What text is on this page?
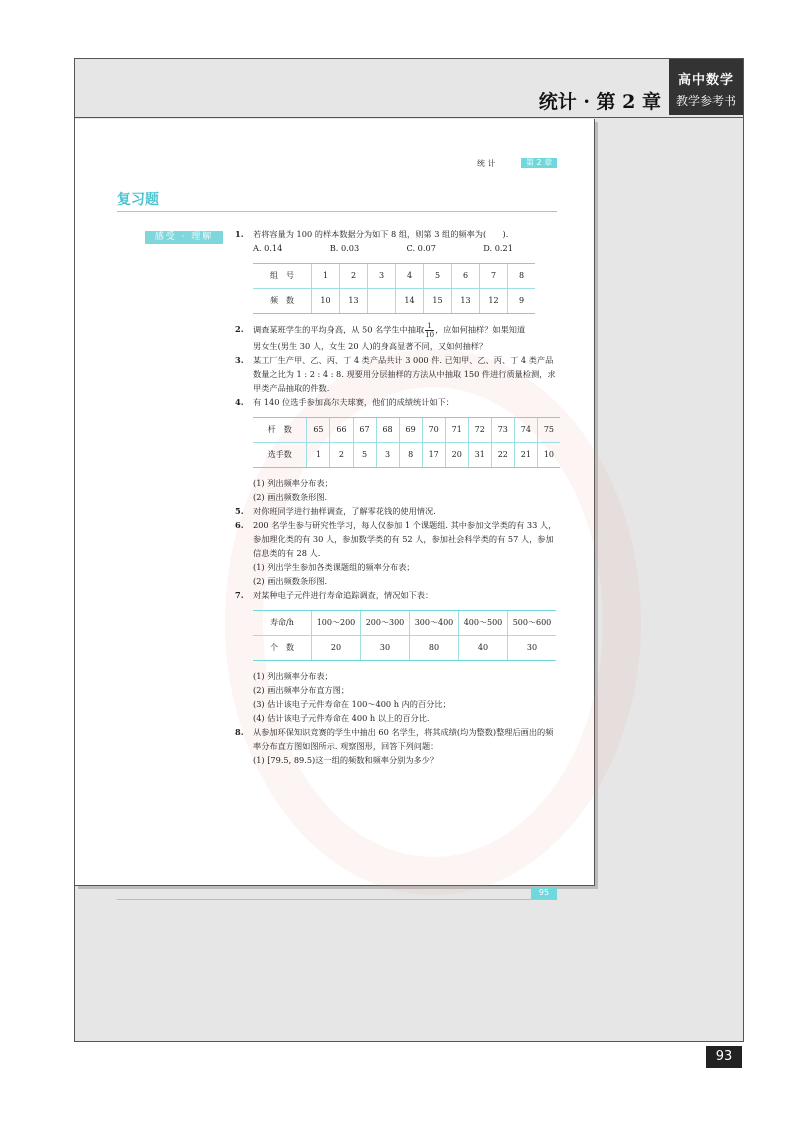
统计 · 第 2 章
高中数学
教学参考书
统 计	第 2 章
复习题
感受 · 理解	1. 若将容量为 100 的样本数据分为如下 8 组，则第 3 组的频率为(　　).
A. 0.14	B. 0.03	C. 0.07	D. 0.21
组　号	1	2	3	4	5	6	7	8
频　数	10	13		14	15	13	12	9
2. 调查某班学生的平均身高，从 50 名学生中抽取 $\frac{1}{10}$ ，应如何抽样？如果知道
男女生(男生 30 人，女生 20 人)的身高显著不同，又如何抽样？
3. 某工厂生产甲、乙、丙、丁 4 类产品共计 3 000 件. 已知甲、乙、丙、丁 4 类产品数量之比为 1 : 2 : 4 : 8. 现要用分层抽样的方法从中抽取 150 件进行质量检测，求甲类产品抽取的件数.
4. 有 140 位选手参加高尔夫球赛，他们的成绩统计如下：
杆　数	65	66	67	68	69	70	71	72	73	74	75
选手数	1	2	5	3	8	17	20	31	22	21	10
(1) 列出频率分布表；
(2) 画出频数条形图.
5. 对你班同学进行抽样调查，了解零花钱的使用情况.
6. 200 名学生参与研究性学习，每人仅参加 1 个课题组. 其中参加文学类的有 33 人，参加理化类的有 30 人，参加数学类的有 52 人，参加社会科学类的有 57 人，参加信息类的有 28 人.
(1) 列出学生参加各类课题组的频率分布表；
(2) 画出频数条形图.
7. 对某种电子元件进行寿命追踪调查，情况如下表：
寿命/h	100～200	200～300	300～400	400～500	500～600
个　数	20	30	80	40	30
(1) 列出频率分布表；
(2) 画出频率分布直方图；
(3) 估计该电子元件寿命在 100～400 h 内的百分比；
(4) 估计该电子元件寿命在 400 h 以上的百分比.
8. 从参加环保知识竞赛的学生中抽出 60 名学生，将其成绩(均为整数)整理后画出的频率分布直方图如图所示. 观察图形，回答下列问题：
(1) [79.5, 89.5)这一组的频数和频率分别为多少？
95
93
